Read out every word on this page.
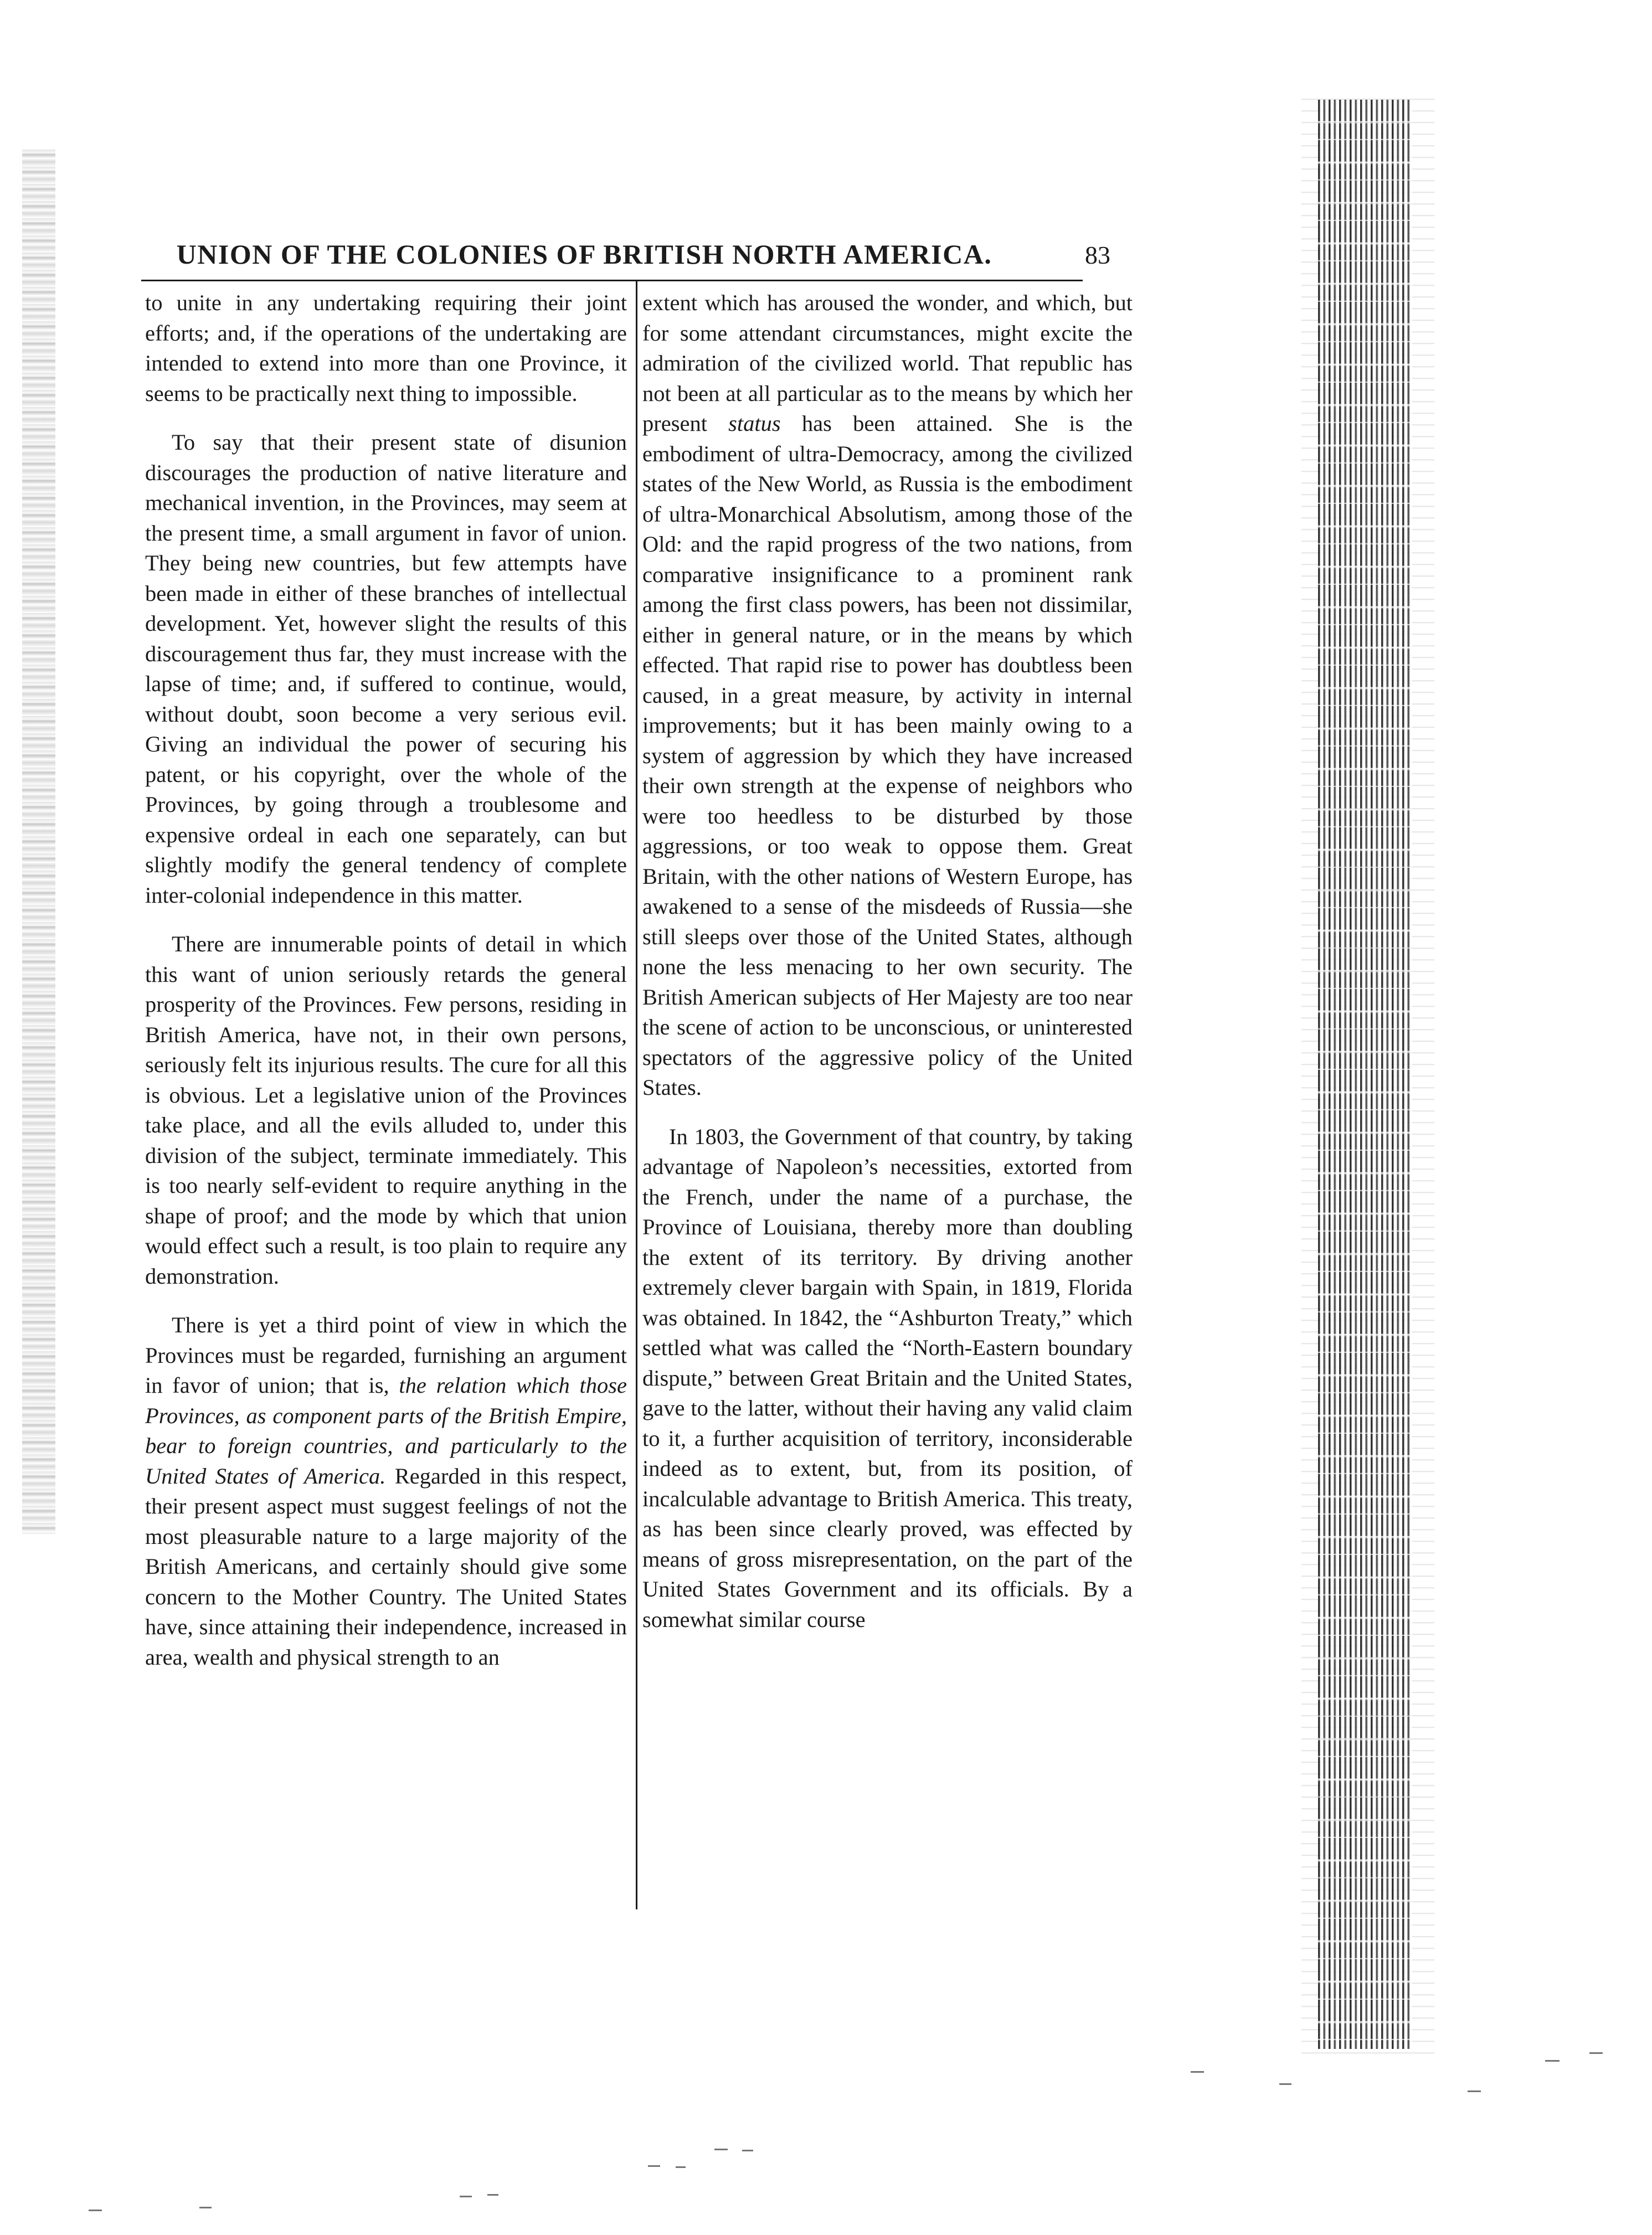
UNION OF THE COLONIES OF BRITISH NORTH AMERICA.	83

to unite in any undertaking requiring their joint efforts; and, if the operations of the undertaking are intended to extend into more than one Province, it seems to be practically next thing to impossible.

To say that their present state of disunion discourages the production of native literature and mechanical invention, in the Provinces, may seem at the present time, a small argument in favor of union. They being new countries, but few attempts have been made in either of these branches of intellectual development. Yet, however slight the results of this discouragement thus far, they must increase with the lapse of time; and, if suffered to continue, would, without doubt, soon become a very serious evil. Giving an individual the power of securing his patent, or his copyright, over the whole of the Provinces, by going through a troublesome and expensive ordeal in each one separately, can but slightly modify the general tendency of complete inter-colonial independence in this matter.

There are innumerable points of detail in which this want of union seriously retards the general prosperity of the Provinces. Few persons, residing in British America, have not, in their own persons, seriously felt its injurious results. The cure for all this is obvious. Let a legislative union of the Provinces take place, and all the evils alluded to, under this division of the subject, terminate immediately. This is too nearly self-evident to require anything in the shape of proof; and the mode by which that union would effect such a result, is too plain to require any demonstration.

There is yet a third point of view in which the Provinces must be regarded, furnishing an argument in favor of union; that is, the relation which those Provinces, as component parts of the British Empire, bear to foreign countries, and particularly to the United States of America. Regarded in this respect, their present aspect must suggest feelings of not the most pleasurable nature to a large majority of the British Americans, and certainly should give some concern to the Mother Country. The United States have, since attaining their independence, increased in area, wealth and physical strength to an

extent which has aroused the wonder, and which, but for some attendant circumstances, might excite the admiration of the civilized world. That republic has not been at all particular as to the means by which her present status has been attained. She is the embodiment of ultra-Democracy, among the civilized states of the New World, as Russia is the embodiment of ultra-Monarchical Absolutism, among those of the Old: and the rapid progress of the two nations, from comparative insignificance to a prominent rank among the first class powers, has been not dissimilar, either in general nature, or in the means by which effected. That rapid rise to power has doubtless been caused, in a great measure, by activity in internal improvements; but it has been mainly owing to a system of aggression by which they have increased their own strength at the expense of neighbors who were too heedless to be disturbed by those aggressions, or too weak to oppose them. Great Britain, with the other nations of Western Europe, has awakened to a sense of the misdeeds of Russia—she still sleeps over those of the United States, although none the less menacing to her own security. The British American subjects of Her Majesty are too near the scene of action to be unconscious, or uninterested spectators of the aggressive policy of the United States.

In 1803, the Government of that country, by taking advantage of Napoleon’s necessities, extorted from the French, under the name of a purchase, the Province of Louisiana, thereby more than doubling the extent of its territory. By driving another extremely clever bargain with Spain, in 1819, Florida was obtained. In 1842, the “Ashburton Treaty,” which settled what was called the “North-Eastern boundary dispute,” between Great Britain and the United States, gave to the latter, without their having any valid claim to it, a further acquisition of territory, inconsiderable indeed as to extent, but, from its position, of incalculable advantage to British America. This treaty, as has been since clearly proved, was effected by means of gross misrepresentation, on the part of the United States Government and its officials. By a somewhat similar course
